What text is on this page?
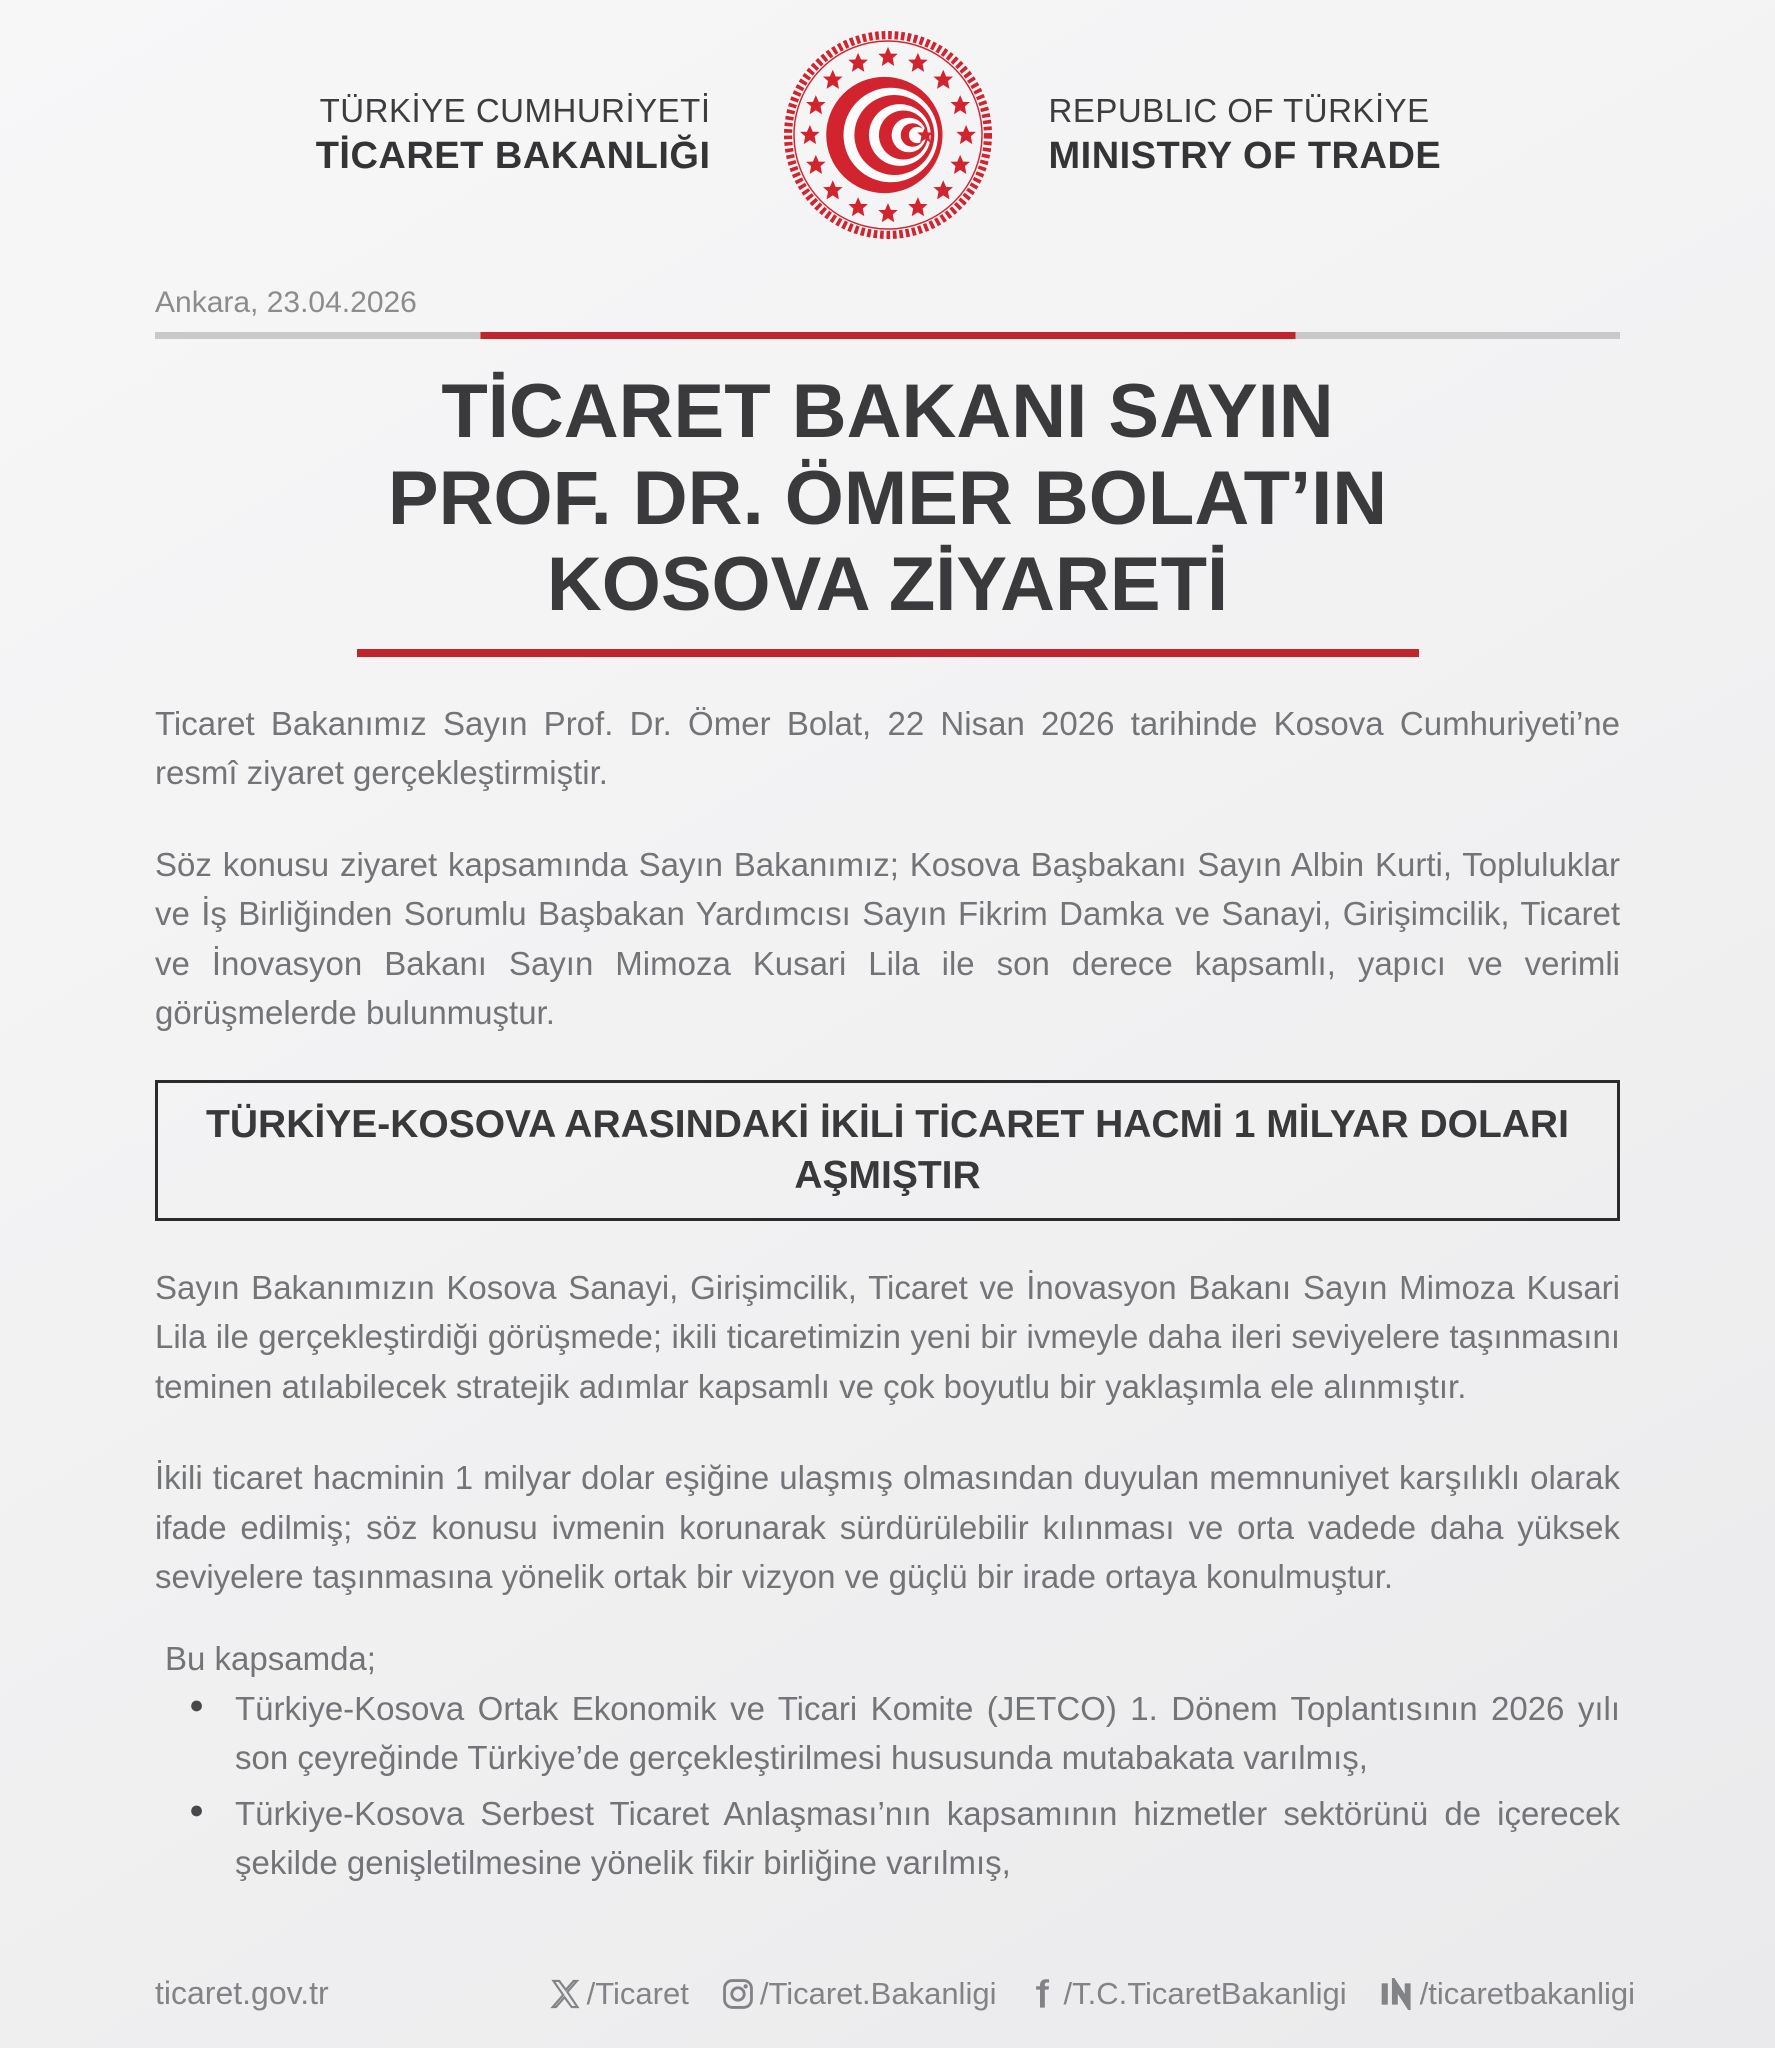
TÜRKİYE CUMHURİYETİ
TİCARET BAKANLIĞI
REPUBLIC OF TÜRKİYE
MINISTRY OF TRADE
Ankara, 23.04.2026
TİCARET BAKANI SAYIN
PROF. DR. ÖMER BOLAT’IN
KOSOVA ZİYARETİ

Ticaret Bakanımız Sayın Prof. Dr. Ömer Bolat, 22 Nisan 2026 tarihinde Kosova Cumhuriyeti’ne resmî ziyaret gerçekleştirmiştir.

Söz konusu ziyaret kapsamında Sayın Bakanımız; Kosova Başbakanı Sayın Albin Kurti, Topluluklar ve İş Birliğinden Sorumlu Başbakan Yardımcısı Sayın Fikrim Damka ve Sanayi, Girişimcilik, Ticaret ve İnovasyon Bakanı Sayın Mimoza Kusari Lila ile son derece kapsamlı, yapıcı ve verimli görüşmelerde bulunmuştur.

TÜRKİYE-KOSOVA ARASINDAKİ İKİLİ TİCARET HACMİ 1 MİLYAR DOLARI AŞMIŞTIR

Sayın Bakanımızın Kosova Sanayi, Girişimcilik, Ticaret ve İnovasyon Bakanı Sayın Mimoza Kusari Lila ile gerçekleştirdiği görüşmede; ikili ticaretimizin yeni bir ivmeyle daha ileri seviyelere taşınmasını teminen atılabilecek stratejik adımlar kapsamlı ve çok boyutlu bir yaklaşımla ele alınmıştır.

İkili ticaret hacminin 1 milyar dolar eşiğine ulaşmış olmasından duyulan memnuniyet karşılıklı olarak ifade edilmiş; söz konusu ivmenin korunarak sürdürülebilir kılınması ve orta vadede daha yüksek seviyelere taşınmasına yönelik ortak bir vizyon ve güçlü bir irade ortaya konulmuştur.

Bu kapsamda;
● Türkiye-Kosova Ortak Ekonomik ve Ticari Komite (JETCO) 1. Dönem Toplantısının 2026 yılı son çeyreğinde Türkiye’de gerçekleştirilmesi hususunda mutabakata varılmış,
● Türkiye-Kosova Serbest Ticaret Anlaşması’nın kapsamının hizmetler sektörünü de içerecek şekilde genişletilmesine yönelik fikir birliğine varılmış,
ticaret.gov.tr	/Ticaret /Ticaret.Bakanligi /T.C.TicaretBakanligi /ticaretbakanligi
